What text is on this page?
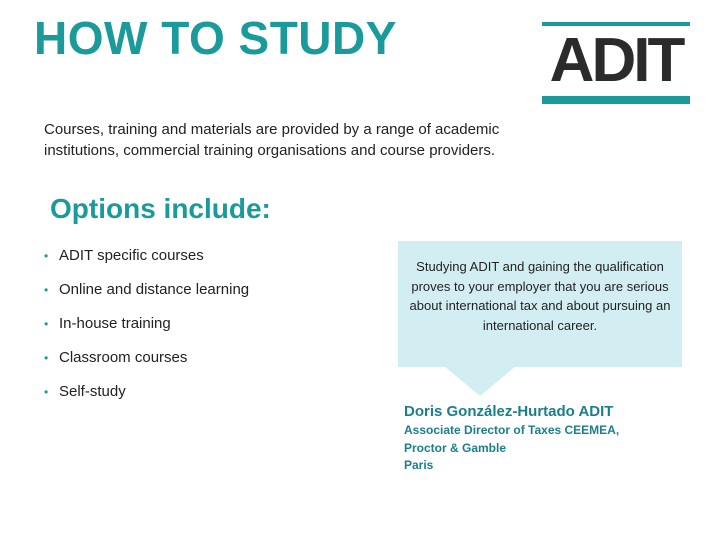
HOW TO STUDY ADIT

Courses, training and materials are provided by a range of academic institutions, commercial training organisations and course providers.

Options include:
• ADIT specific courses
• Online and distance learning
• In-house training
• Classroom courses
• Self-study
Studying ADIT and gaining the qualification proves to your employer that you are serious about international tax and about pursuing an international career.
Doris González-Hurtado ADIT
Associate Director of Taxes CEEMEA,
Proctor & Gamble
Paris
